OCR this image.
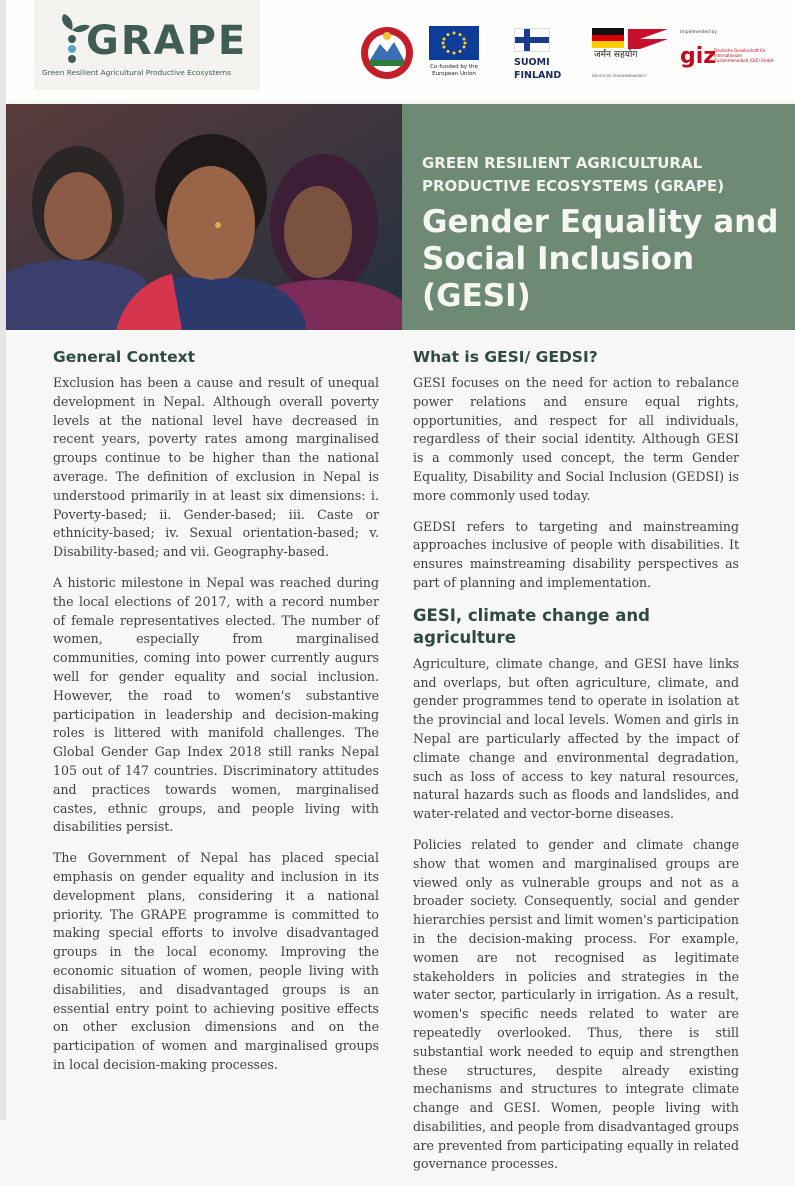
GRAPE
Green Resilient Agricultural Productive Ecosystems
Co-funded by the European Union
SUOMI
FINLAND
जर्मन सहयोग
DEUTSCHE ZUSAMMENARBEIT
Implemented by
giz
Deutsche Gesellschaft für Internationale Zusammenarbeit (GIZ) GmbH
GREEN RESILIENT AGRICULTURAL PRODUCTIVE ECOSYSTEMS (GRAPE)
Gender Equality and Social Inclusion (GESI)
General Context

Exclusion has been a cause and result of unequal development in Nepal. Although overall poverty levels at the national level have decreased in recent years, poverty rates among marginalised groups continue to be higher than the national average. The definition of exclusion in Nepal is understood primarily in at least six dimensions: i. Poverty-based; ii. Gender-based; iii. Caste or ethnicity-based; iv. Sexual orientation-based; v. Disability-based; and vii. Geography-based.

A historic milestone in Nepal was reached during the local elections of 2017, with a record number of female representatives elected. The number of women, especially from marginalised communities, coming into power currently augurs well for gender equality and social inclusion. However, the road to women's substantive participation in leadership and decision-making roles is littered with manifold challenges. The Global Gender Gap Index 2018 still ranks Nepal 105 out of 147 countries. Discriminatory attitudes and practices towards women, marginalised castes, ethnic groups, and people living with disabilities persist.

The Government of Nepal has placed special emphasis on gender equality and inclusion in its development plans, considering it a national priority. The GRAPE programme is committed to making special efforts to involve disadvantaged groups in the local economy. Improving the economic situation of women, people living with disabilities, and disadvantaged groups is an essential entry point to achieving positive effects on other exclusion dimensions and on the participation of women and marginalised groups in local decision-making processes.

What is GESI/ GEDSI?

GESI focuses on the need for action to rebalance power relations and ensure equal rights, opportunities, and respect for all individuals, regardless of their social identity. Although GESI is a commonly used concept, the term Gender Equality, Disability and Social Inclusion (GEDSI) is more commonly used today.

GEDSI refers to targeting and mainstreaming approaches inclusive of people with disabilities. It ensures mainstreaming disability perspectives as part of planning and implementation.

GESI, climate change and agriculture

Agriculture, climate change, and GESI have links and overlaps, but often agriculture, climate, and gender programmes tend to operate in isolation at the provincial and local levels. Women and girls in Nepal are particularly affected by the impact of climate change and environmental degradation, such as loss of access to key natural resources, natural hazards such as floods and landslides, and water-related and vector-borne diseases.

Policies related to gender and climate change show that women and marginalised groups are viewed only as vulnerable groups and not as a broader society. Consequently, social and gender hierarchies persist and limit women's participation in the decision-making process. For example, women are not recognised as legitimate stakeholders in policies and strategies in the water sector, particularly in irrigation. As a result, women's specific needs related to water are repeatedly overlooked. Thus, there is still substantial work needed to equip and strengthen these structures, despite already existing mechanisms and structures to integrate climate change and GESI. Women, people living with disabilities, and people from disadvantaged groups are prevented from participating equally in related governance processes.
